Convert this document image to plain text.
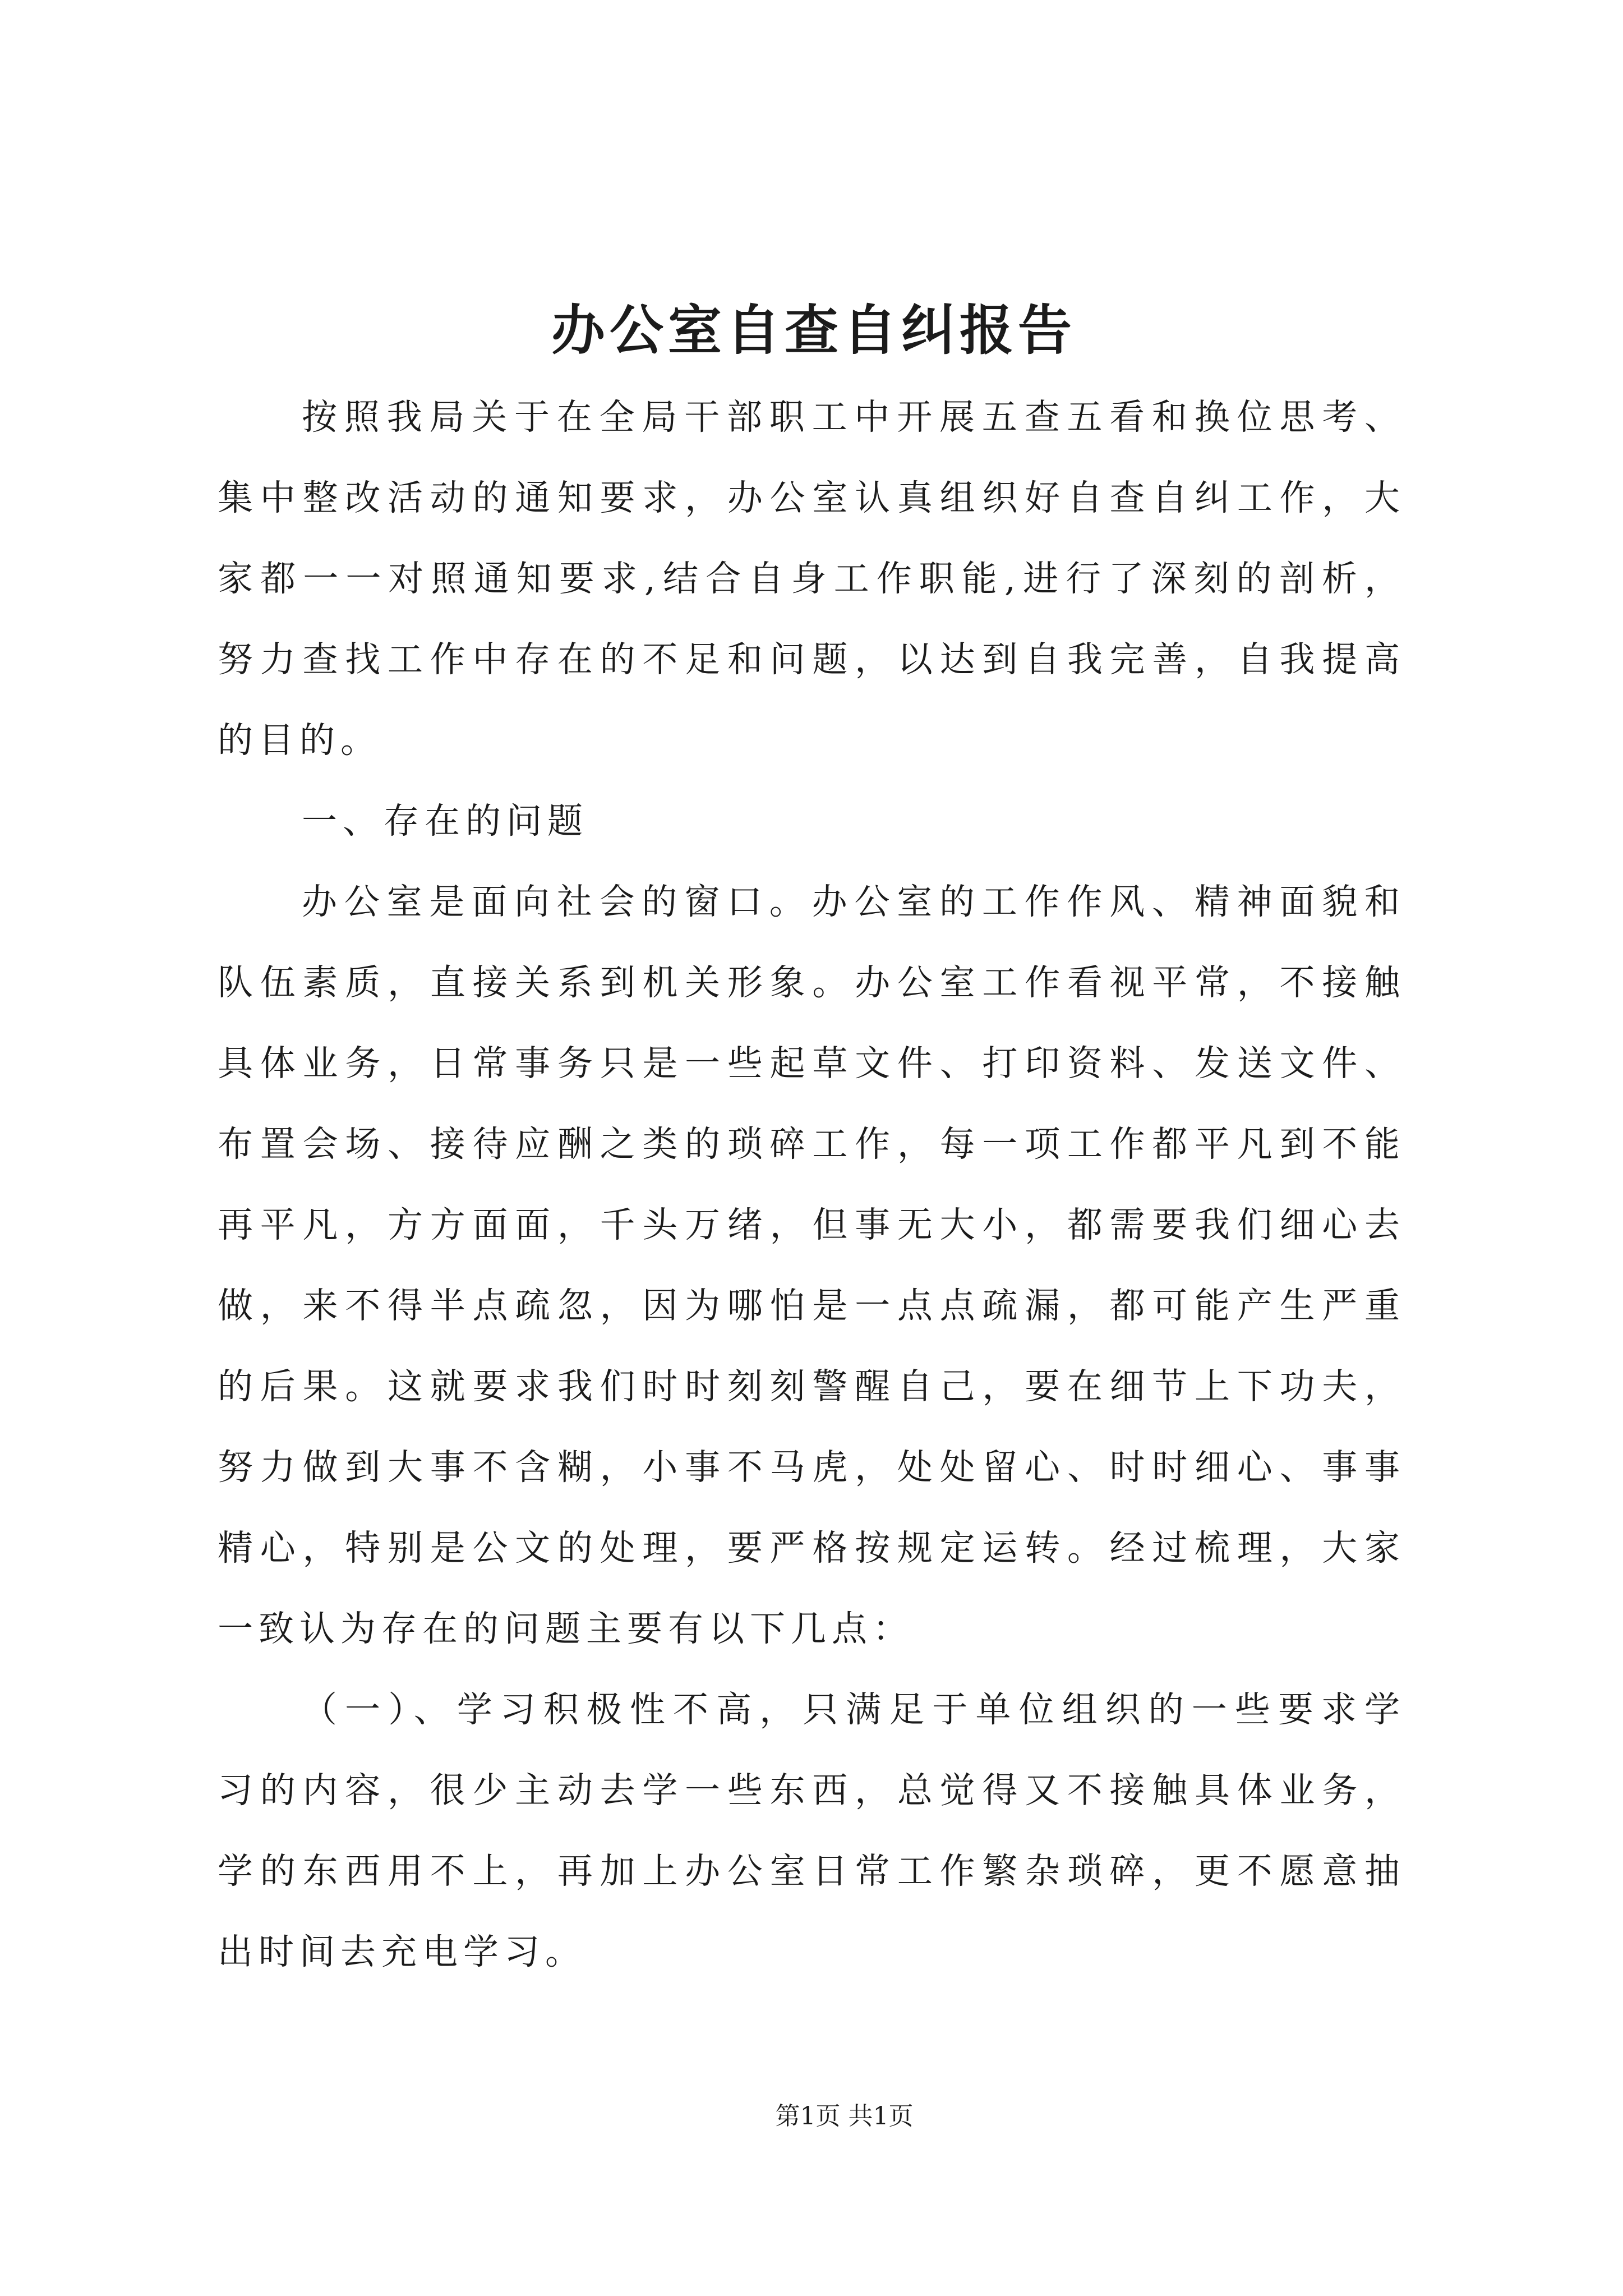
办公室自查自纠报告
按照我局关于在全局干部职工中开展五查五看和换位思考、
集中整改活动的通知要求，办公室认真组织好自查自纠工作，大
家都一一对照通知要求,结合自身工作职能,进行了深刻的剖析，
努力查找工作中存在的不足和问题，以达到自我完善，自我提高
的目的。
一、存在的问题
办公室是面向社会的窗口。办公室的工作作风、精神面貌和
队伍素质，直接关系到机关形象。办公室工作看视平常，不接触
具体业务，日常事务只是一些起草文件、打印资料、发送文件、
布置会场、接待应酬之类的琐碎工作，每一项工作都平凡到不能
再平凡，方方面面，千头万绪，但事无大小，都需要我们细心去
做，来不得半点疏忽，因为哪怕是一点点疏漏，都可能产生严重
的后果。这就要求我们时时刻刻警醒自己，要在细节上下功夫，
努力做到大事不含糊，小事不马虎，处处留心、时时细心、事事
精心，特别是公文的处理，要严格按规定运转。经过梳理，大家
一致认为存在的问题主要有以下几点：
（一）、学习积极性不高，只满足于单位组织的一些要求学
习的内容，很少主动去学一些东西，总觉得又不接触具体业务，
学的东西用不上，再加上办公室日常工作繁杂琐碎，更不愿意抽
出时间去充电学习。
第1页 共1页
